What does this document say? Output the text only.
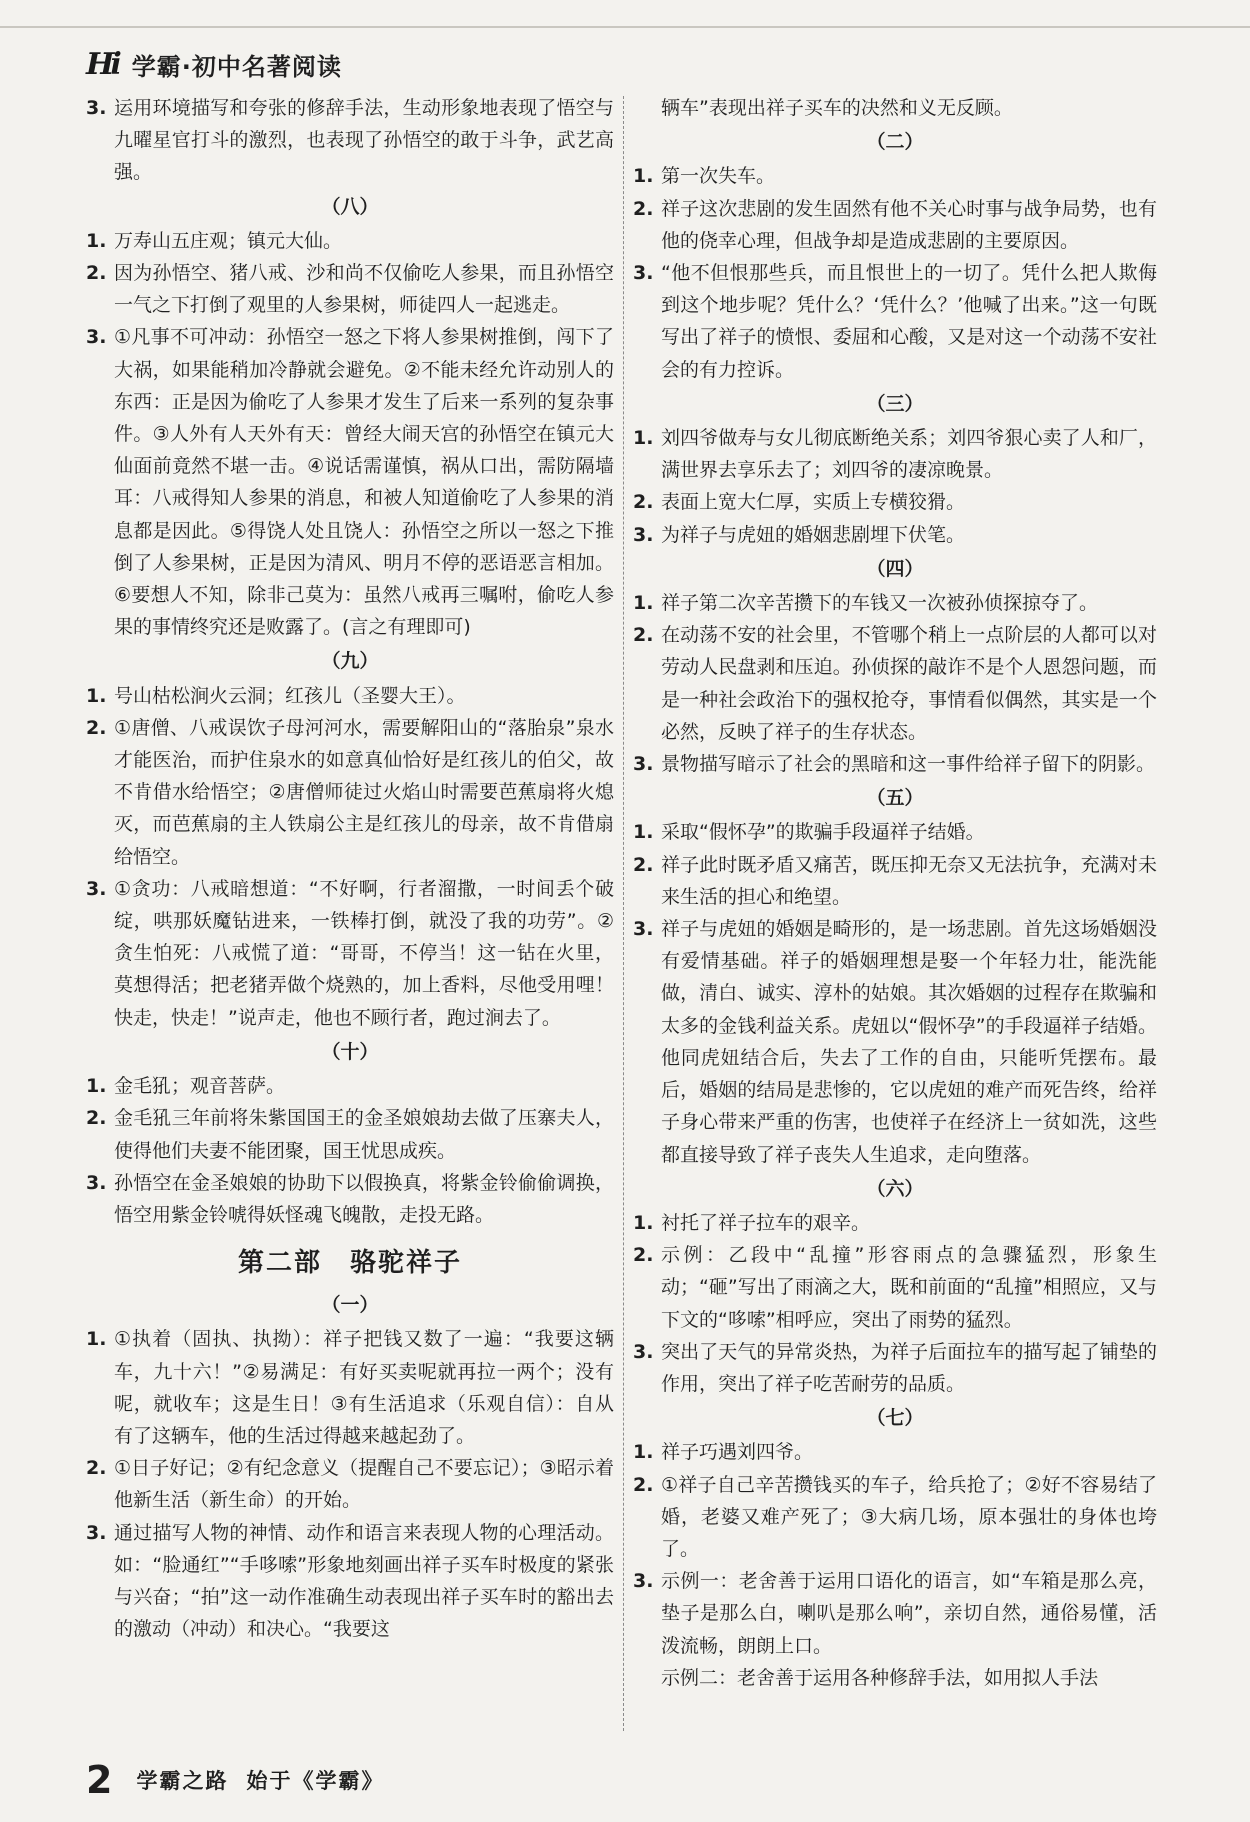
Hi 学霸·初中名著阅读
3. 运用环境描写和夸张的修辞手法，生动形象地表现了悟空与九曜星官打斗的激烈，也表现了孙悟空的敢于斗争，武艺高强。
（八）
1. 万寿山五庄观；镇元大仙。
2. 因为孙悟空、猪八戒、沙和尚不仅偷吃人参果，而且孙悟空一气之下打倒了观里的人参果树，师徒四人一起逃走。
3. ①凡事不可冲动：孙悟空一怒之下将人参果树推倒，闯下了大祸，如果能稍加冷静就会避免。②不能未经允许动别人的东西：正是因为偷吃了人参果才发生了后来一系列的复杂事件。③人外有人天外有天：曾经大闹天宫的孙悟空在镇元大仙面前竟然不堪一击。④说话需谨慎，祸从口出，需防隔墙耳：八戒得知人参果的消息，和被人知道偷吃了人参果的消息都是因此。⑤得饶人处且饶人：孙悟空之所以一怒之下推倒了人参果树，正是因为清风、明月不停的恶语恶言相加。⑥要想人不知，除非己莫为：虽然八戒再三嘱咐，偷吃人参果的事情终究还是败露了。(言之有理即可)
（九）
1. 号山枯松涧火云洞；红孩儿（圣婴大王）。
2. ①唐僧、八戒误饮子母河河水，需要解阳山的“落胎泉”泉水才能医治，而护住泉水的如意真仙恰好是红孩儿的伯父，故不肯借水给悟空；②唐僧师徒过火焰山时需要芭蕉扇将火熄灭，而芭蕉扇的主人铁扇公主是红孩儿的母亲，故不肯借扇给悟空。
3. ①贪功：八戒暗想道：“不好啊，行者溜撒，一时间丢个破绽，哄那妖魔钻进来，一铁棒打倒，就没了我的功劳”。②贪生怕死：八戒慌了道：“哥哥，不停当！这一钻在火里，莫想得活；把老猪弄做个烧熟的，加上香料，尽他受用哩！快走，快走！”说声走，他也不顾行者，跑过涧去了。
（十）
1. 金毛犼；观音菩萨。
2. 金毛犼三年前将朱紫国国王的金圣娘娘劫去做了压寨夫人，使得他们夫妻不能团聚，国王忧思成疾。
3. 孙悟空在金圣娘娘的协助下以假换真，将紫金铃偷偷调换，悟空用紫金铃唬得妖怪魂飞魄散，走投无路。
第二部 骆驼祥子
（一）
1. ①执着（固执、执拗）：祥子把钱又数了一遍：“我要这辆车，九十六！”②易满足：有好买卖呢就再拉一两个；没有呢，就收车；这是生日！③有生活追求（乐观自信）：自从有了这辆车，他的生活过得越来越起劲了。
2. ①日子好记；②有纪念意义（提醒自己不要忘记）；③昭示着他新生活（新生命）的开始。
3. 通过描写人物的神情、动作和语言来表现人物的心理活动。如：“脸通红”“手哆嗦”形象地刻画出祥子买车时极度的紧张与兴奋；“拍”这一动作准确生动表现出祥子买车时的豁出去的激动（冲动）和决心。“我要这
辆车”表现出祥子买车的决然和义无反顾。
（二）
1. 第一次失车。
2. 祥子这次悲剧的发生固然有他不关心时事与战争局势，也有他的侥幸心理，但战争却是造成悲剧的主要原因。
3. “他不但恨那些兵，而且恨世上的一切了。凭什么把人欺侮到这个地步呢？凭什么？‘凭什么？’他喊了出来。”这一句既写出了祥子的愤恨、委屈和心酸，又是对这一个动荡不安社会的有力控诉。
（三）
1. 刘四爷做寿与女儿彻底断绝关系；刘四爷狠心卖了人和厂，满世界去享乐去了；刘四爷的凄凉晚景。
2. 表面上宽大仁厚，实质上专横狡猾。
3. 为祥子与虎妞的婚姻悲剧埋下伏笔。
（四）
1. 祥子第二次辛苦攒下的车钱又一次被孙侦探掠夺了。
2. 在动荡不安的社会里，不管哪个稍上一点阶层的人都可以对劳动人民盘剥和压迫。孙侦探的敲诈不是个人恩怨问题，而是一种社会政治下的强权抢夺，事情看似偶然，其实是一个必然，反映了祥子的生存状态。
3. 景物描写暗示了社会的黑暗和这一事件给祥子留下的阴影。
（五）
1. 采取“假怀孕”的欺骗手段逼祥子结婚。
2. 祥子此时既矛盾又痛苦，既压抑无奈又无法抗争，充满对未来生活的担心和绝望。
3. 祥子与虎妞的婚姻是畸形的，是一场悲剧。首先这场婚姻没有爱情基础。祥子的婚姻理想是娶一个年轻力壮，能洗能做，清白、诚实、淳朴的姑娘。其次婚姻的过程存在欺骗和太多的金钱利益关系。虎妞以“假怀孕”的手段逼祥子结婚。他同虎妞结合后，失去了工作的自由，只能听凭摆布。最后，婚姻的结局是悲惨的，它以虎妞的难产而死告终，给祥子身心带来严重的伤害，也使祥子在经济上一贫如洗，这些都直接导致了祥子丧失人生追求，走向堕落。
（六）
1. 衬托了祥子拉车的艰辛。
2. 示例：乙段中“乱撞”形容雨点的急骤猛烈，形象生动；“砸”写出了雨滴之大，既和前面的“乱撞”相照应，又与下文的“哆嗦”相呼应，突出了雨势的猛烈。
3. 突出了天气的异常炎热，为祥子后面拉车的描写起了铺垫的作用，突出了祥子吃苦耐劳的品质。
（七）
1. 祥子巧遇刘四爷。
2. ①祥子自己辛苦攒钱买的车子，给兵抢了；②好不容易结了婚，老婆又难产死了；③大病几场，原本强壮的身体也垮了。
3. 示例一：老舍善于运用口语化的语言，如“车箱是那么亮，垫子是那么白，喇叭是那么响”，亲切自然，通俗易懂，活泼流畅，朗朗上口。
示例二：老舍善于运用各种修辞手法，如用拟人手法
2 学霸之路 始于《学霸》
